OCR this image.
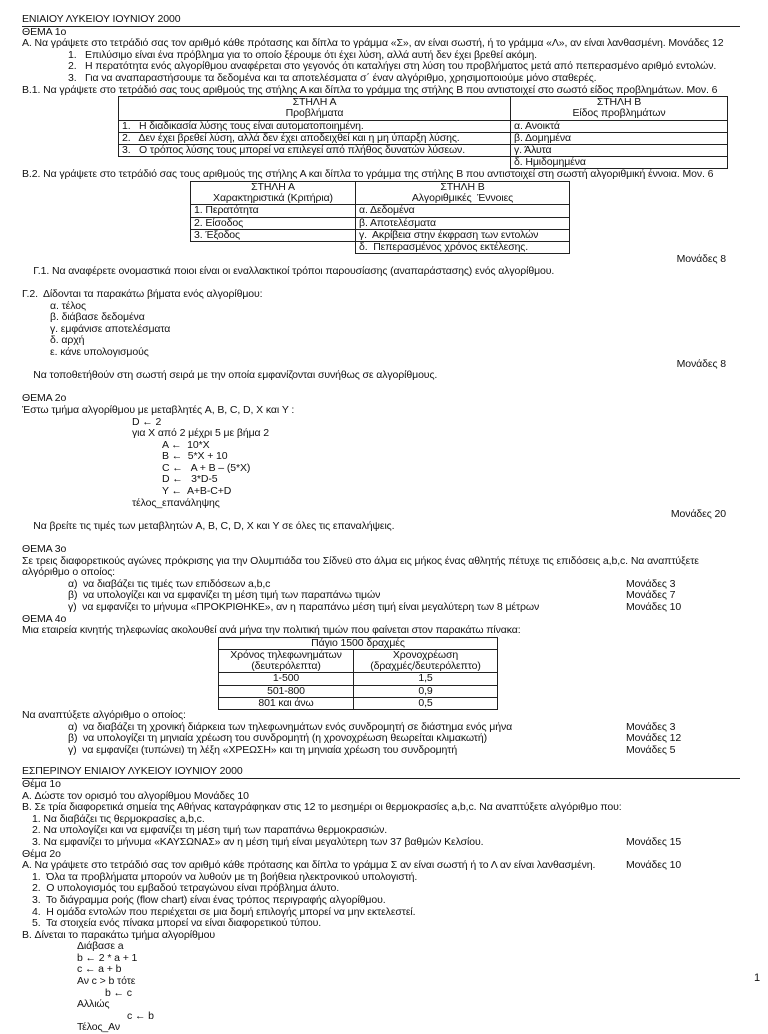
ΕΝΙΑΙΟΥ ΛΥΚΕΙΟΥ ΙΟΥΝΙΟΥ 2000
ΘΕΜΑ 1ο
A. Να γράψετε στο τετράδιό σας τον αριθμό κάθε πρότασης και δίπλα το γράμμα «Σ», αν είναι σωστή, ή το γράμμα «Λ», αν είναι λανθασμένη. Μονάδες 12
1.   Επιλύσιμο είναι ένα πρόβλημα για το οποίο ξέρουμε ότι έχει λύση, αλλά αυτή δεν έχει βρεθεί ακόμη.
2.   Η περατότητα ενός αλγορίθμου αναφέρεται στο γεγονός ότι καταλήγει στη λύση του προβλήματος μετά από πεπερασμένο αριθμό εντολών.
3.   Για να αναπαραστήσουμε τα δεδομένα και τα αποτελέσματα σ΄ έναν αλγόριθμο, χρησιμοποιούμε μόνο σταθερές.
B.1. Να γράψετε στο τετράδιό σας τους αριθμούς της στήλης Α και δίπλα το γράμμα της στήλης Β που αντιστοιχεί στο σωστό είδος προβλημάτων. Μον. 6
ΣΤΗΛΗ Α
Προβλήματα	ΣΤΗΛΗ Β
Είδος προβλημάτων
1.   Η διαδικασία λύσης τους είναι αυτοματοποιημένη.	α. Ανοικτά
2.   Δεν έχει βρεθεί λύση, αλλά δεν έχει αποδειχθεί και η μη ύπαρξη λύσης.	β. Δομημένα
3.   Ο τρόπος λύσης τους μπορεί να επιλεγεί από πλήθος δυνατών λύσεων.	γ. Άλυτα
	δ. Ημιδομημένα
B.2. Να γράψετε στο τετράδιό σας τους αριθμούς της στήλης Α και δίπλα το γράμμα της στήλης Β που αντιστοιχεί στη σωστή αλγοριθμική έννοια. Μον. 6
ΣΤΗΛΗ Α
Χαρακτηριστικά (Κριτήρια)	ΣΤΗΛΗ Β
Αλγοριθμικές  Έννοιες
1. Περατότητα	α. Δεδομένα
2. Είσοδος	β. Αποτελέσματα
3. Έξοδος	γ.  Ακρίβεια στην έκφραση των εντολών
	δ.  Πεπερασμένος χρόνος εκτέλεσης.

Γ.1. Να αναφέρετε ονομαστικά ποιοι είναι οι εναλλακτικοί τρόποι παρουσίασης (αναπαράστασης) ενός αλγορίθμου.
Μονάδες 8

Γ.2.  Δίδονται τα παρακάτω βήματα ενός αλγορίθμου:
α. τέλος
β. διάβασε δεδομένα
γ. εμφάνισε αποτελέσματα
δ. αρχή
ε. κάνε υπολογισμούς

Να τοποθετήθούν στη σωστή σειρά με την οποία εμφανίζονται συνήθως σε αλγορίθμους.
Μονάδες 8

ΘΕΜΑ 2ο
Έστω τμήμα αλγορίθμου με μεταβλητές A, B, C, D, X και Y :
D ← 2
για X από 2 μέχρι 5 με βήμα 2
A ←  10*X
B ←  5*X + 10
C ←   A + B – (5*X)
D ←   3*D-5
Y ←  A+B-C+D
τέλος_επανάληψης

Να βρείτε τις τιμές των μεταβλητών A, B, C, D, X και Y σε όλες τις επαναλήψεις.
Μονάδες 20

ΘΕΜΑ 3ο
Σε τρεις διαφορετικούς αγώνες πρόκρισης για την Ολυμπιάδα του Σίδνεϋ στο άλμα εις μήκος ένας αθλητής πέτυχε τις επιδόσεις a,b,c. Να αναπτύξετε
αλγόριθμο ο οποίος:
α)  να διαβάζει τις τιμές των επιδόσεων a,b,c	Μονάδες 3
β)  να υπολογίζει και να εμφανίζει τη μέση τιμή των παραπάνω τιμών	Μονάδες 7
γ)  να εμφανίζει το μήνυμα «ΠΡΟΚΡΙΘΗΚΕ», αν η παραπάνω μέση τιμή είναι μεγαλύτερη των 8 μέτρων	Μονάδες 10
ΘΕΜΑ 4ο
Μια εταιρεία κινητής τηλεφωνίας ακολουθεί ανά μήνα την πολιτική τιμών που φαίνεται στον παρακάτω πίνακα:
Πάγιο 1500 δραχμές	
Χρόνος τηλεφωνημάτων
(δευτερόλεπτα)	Χρονοχρέωση
(δραχμές/δευτερόλεπτο)
1-500	1,5
501-800	0,9
801 και άνω	0,5
Να αναπτύξετε αλγόριθμο ο οποίος:
α)  να διαβάζει τη χρονική διάρκεια των τηλεφωνημάτων ενός συνδρομητή σε διάστημα ενός μήνα	Μονάδες 3
β)  να υπολογίζει τη μηνιαία χρέωση του συνδρομητή (η χρονοχρέωση θεωρείται κλιμακωτή)	Μονάδες 12
γ)  να εμφανίζει (τυπώνει) τη λέξη «ΧΡΕΩΣΗ» και τη μηνιαία χρέωση του συνδρομητή	Μονάδες 5
ΕΣΠΕΡΙΝΟΥ ΕΝΙΑΙΟΥ ΛΥΚΕΙΟΥ ΙΟΥΝΙΟΥ 2000
Θέμα 1ο
A. Δώστε τον ορισμό του αλγορίθμου Μονάδες 10
B. Σε τρία διαφορετικά σημεία της Αθήνας καταγράφηκαν στις 12 το μεσημέρι οι θερμοκρασίες a,b,c. Να αναπτύξετε αλγόριθμο που:
1. Να διαβάζει τις θερμοκρασίες a,b,c.
2. Να υπολογίζει και να εμφανίζει τη μέση τιμή των παραπάνω θερμοκρασιών.
3. Να εμφανίζει το μήνυμα «ΚΑΥΣΩΝΑΣ» αν η μέση τιμή είναι μεγαλύτερη των 37 βαθμών Κελσίου.	Μονάδες 15
Θέμα 2ο
A. Να γράψετε στο τετράδιό σας τον αριθμό κάθε πρότασης και δίπλα το γράμμα Σ αν είναι σωστή ή το Λ αν είναι λανθασμένη.	Μονάδες 10
1.  Όλα τα προβλήματα μπορούν να λυθούν με τη βοήθεια ηλεκτρονικού υπολογιστή.
2.  Ο υπολογισμός του εμβαδού τετραγώνου είναι πρόβλημα άλυτο.
3.  Το διάγραμμα ροής (flow chart) είναι ένας τρόπος περιγραφής αλγορίθμου.
4.  Η ομάδα εντολών που περιέχεται σε μια δομή επιλογής μπορεί να μην εκτελεστεί.
5.  Τα στοιχεία ενός πίνακα μπορεί να είναι διαφορετικού τύπου.
B. Δίνεται το παρακάτω τμήμα αλγορίθμου
Διάβασε a
b ← 2 * a + 1
c ← a + b
Αν c > b τότε
b ← c
Αλλιώς
c ← b
Τέλος_Αν
1
